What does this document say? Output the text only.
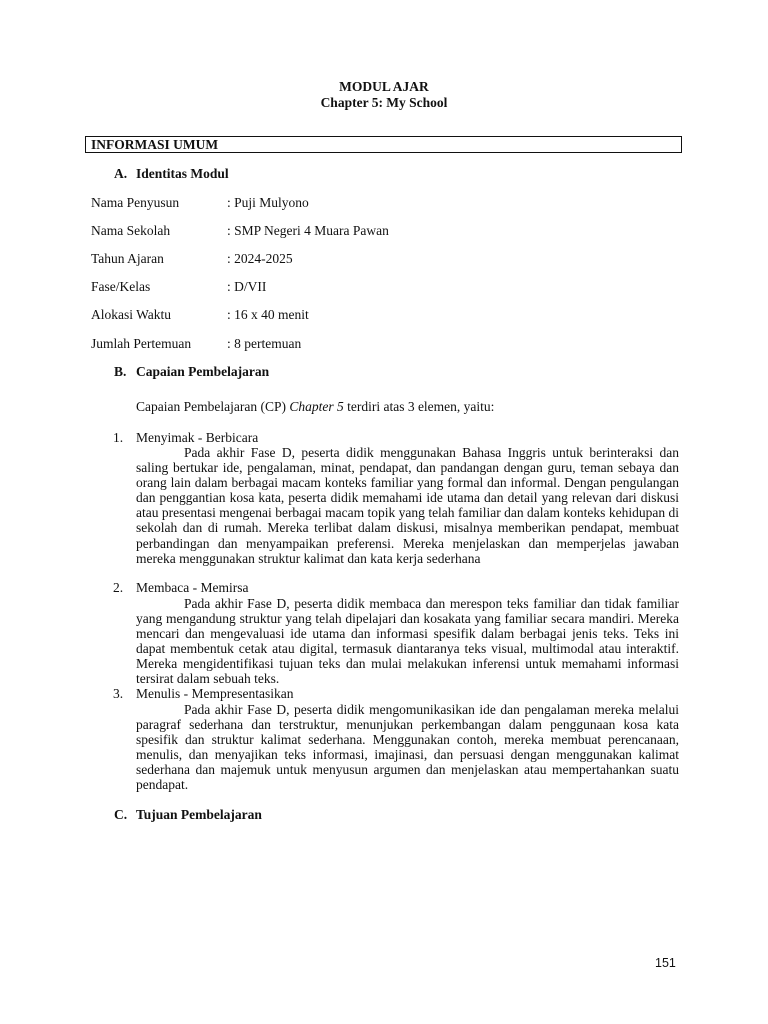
MODUL AJAR
Chapter 5: My School
INFORMASI UMUM
A. Identitas Modul
Nama Penyusun	: Puji Mulyono
Nama Sekolah	: SMP Negeri 4 Muara Pawan
Tahun Ajaran	: 2024-2025
Fase/Kelas	: D/VII
Alokasi Waktu	: 16 x 40 menit
Jumlah Pertemuan	: 8 pertemuan
B. Capaian Pembelajaran
Capaian Pembelajaran (CP) Chapter 5 terdiri atas 3 elemen, yaitu:
1. Menyimak - Berbicara
Pada akhir Fase D, peserta didik menggunakan Bahasa Inggris untuk berinteraksi dan saling bertukar ide, pengalaman, minat, pendapat, dan pandangan dengan guru, teman sebaya dan orang lain dalam berbagai macam konteks familiar yang formal dan informal. Dengan pengulangan dan penggantian kosa kata, peserta didik memahami ide utama dan detail yang relevan dari diskusi atau presentasi mengenai berbagai macam topik yang telah familiar dan dalam konteks kehidupan di sekolah dan di rumah. Mereka terlibat dalam diskusi, misalnya memberikan pendapat, membuat perbandingan dan menyampaikan preferensi. Mereka menjelaskan dan memperjelas jawaban mereka menggunakan struktur kalimat dan kata kerja sederhana
2. Membaca - Memirsa
Pada akhir Fase D, peserta didik membaca dan merespon teks familiar dan tidak familiar yang mengandung struktur yang telah dipelajari dan kosakata yang familiar secara mandiri. Mereka mencari dan mengevaluasi ide utama dan informasi spesifik dalam berbagai jenis teks. Teks ini dapat membentuk cetak atau digital, termasuk diantaranya teks visual, multimodal atau interaktif. Mereka mengidentifikasi tujuan teks dan mulai melakukan inferensi untuk memahami informasi tersirat dalam sebuah teks.
3. Menulis - Mempresentasikan
Pada akhir Fase D, peserta didik mengomunikasikan ide dan pengalaman mereka melalui paragraf sederhana dan terstruktur, menunjukan perkembangan dalam penggunaan kosa kata spesifik dan struktur kalimat sederhana. Menggunakan contoh, mereka membuat perencanaan, menulis, dan menyajikan teks informasi, imajinasi, dan persuasi dengan menggunakan kalimat sederhana dan majemuk untuk menyusun argumen dan menjelaskan atau mempertahankan suatu pendapat.
C. Tujuan Pembelajaran
151
